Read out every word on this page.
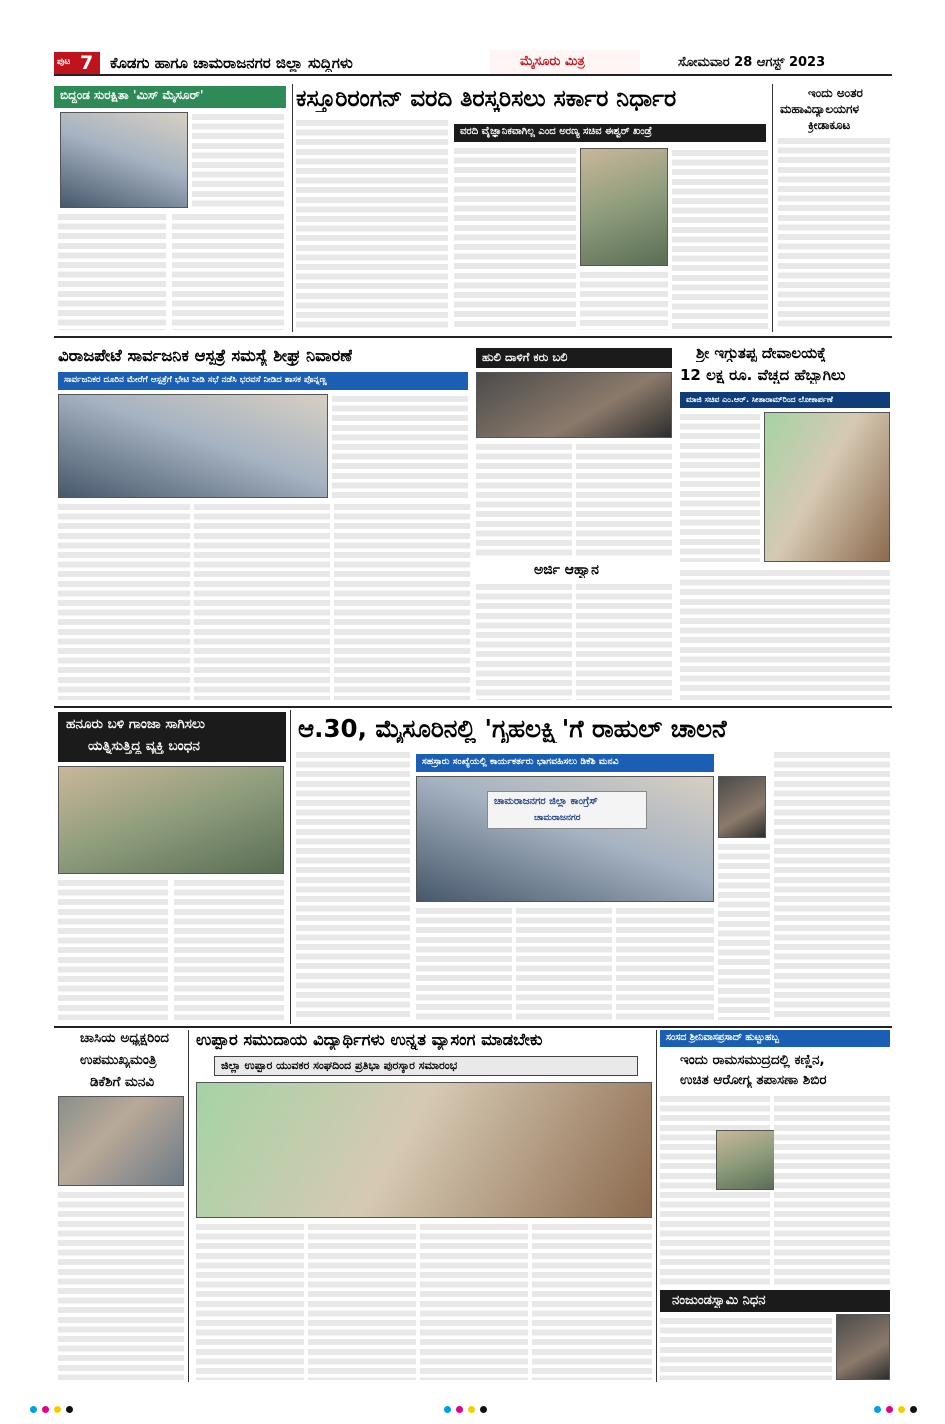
ಪುಟ 7 ಕೊಡಗು ಹಾಗೂ ಚಾಮರಾಜನಗರ ಜಿಲ್ಲಾ ಸುದ್ದಿಗಳು	ಮೈಸೂರು ಮಿತ್ರ	ಸೋಮವಾರ 28 ಆಗಸ್ಟ್ 2023
ಬಿದ್ದಂಡ ಸುರಕ್ಷಿತಾ 'ಮಿಸ್ ಮೈಸೂರ್'	ಕಸ್ತೂರಿರಂಗನ್ ವರದಿ ತಿರಸ್ಕರಿಸಲು ಸರ್ಕಾರ ನಿರ್ಧಾರ
ವರದಿ ವೈಜ್ಞಾನಿಕವಾಗಿಲ್ಲ ಎಂದ ಅರಣ್ಯ ಸಚಿವ ಈಶ್ವರ್ ಖಂಡ್ರೆ
ಇಂದು ಅಂತರ
ಮಹಾವಿದ್ಯಾಲಯಗಳ
ಕ್ರೀಡಾಕೂಟ
ವಿರಾಜಪೇಟೆ ಸಾರ್ವಜನಿಕ ಆಸ್ಪತ್ರೆ ಸಮಸ್ಯೆ ಶೀಘ್ರ ನಿವಾರಣೆ
ಸಾರ್ವಜನಿಕರ ದೂರಿನ ಮೇರೆಗೆ ಆಸ್ಪತ್ರೆಗೆ ಭೇಟಿ ನೀಡಿ ಸಭೆ ನಡೆಸಿ ಭರವಸೆ ನೀಡಿದ ಶಾಸಕ ಪೊನ್ನಣ್ಣ
ಹುಲಿ ದಾಳಿಗೆ ಕರು ಬಲಿ
ಅರ್ಜಿ ಆಹ್ವಾನ
ಶ್ರೀ ಇಗ್ಗುತಪ್ಪ ದೇವಾಲಯಕ್ಕೆ
12 ಲಕ್ಷ ರೂ. ವೆಚ್ಚದ ಹೆಬ್ಬಾಗಿಲು
ಮಾಜಿ ಸಚಿವ ಎಂ.ಆರ್. ಸೀತಾರಾಮ್‌ರಿಂದ ಲೋಕಾರ್ಪಣೆ
ಹನೂರು ಬಳಿ ಗಾಂಜಾ ಸಾಗಿಸಲು
ಯತ್ನಿಸುತ್ತಿದ್ದ ವ್ಯಕ್ತಿ ಬಂಧನ
ಆ.30, ಮೈಸೂರಿನಲ್ಲಿ 'ಗೃಹಲಕ್ಷ್ಮಿ'ಗೆ ರಾಹುಲ್ ಚಾಲನೆ
ಸಹಸ್ರಾರು ಸಂಖ್ಯೆಯಲ್ಲಿ ಕಾರ್ಯಕರ್ತರು ಭಾಗವಹಿಸಲು ಡಿಕೆಶಿ ಮನವಿ
ಚಾಮರಾಜನಗರ ಜಿಲ್ಲಾ ಕಾಂಗ್ರೆಸ್
ಚಾಮರಾಜನಗರ
ಚಾಸಿಯ ಅಧ್ಯಕ್ಷರಿಂದ
ಉಪಮುಖ್ಯಮಂತ್ರಿ
ಡಿಕೆಶಿಗೆ ಮನವಿ
ಉಪ್ಪಾರ ಸಮುದಾಯ ವಿದ್ಯಾರ್ಥಿಗಳು ಉನ್ನತ ವ್ಯಾಸಂಗ ಮಾಡಬೇಕು
ಜಿಲ್ಲಾ ಉಪ್ಪಾರ ಯುವಕರ ಸಂಘದಿಂದ ಪ್ರತಿಭಾ ಪುರಸ್ಕಾರ ಸಮಾರಂಭ
ಸಂಸದ ಶ್ರೀನಿವಾಸಪ್ರಸಾದ್ ಹುಟ್ಟುಹಬ್ಬ
ಇಂದು ರಾಮಸಮುದ್ರದಲ್ಲಿ ಕಣ್ಣಿನ,
ಉಚಿತ ಆರೋಗ್ಯ ತಪಾಸಣಾ ಶಿಬಿರ
ನಂಜುಂಡಸ್ವಾಮಿ ನಿಧನ
